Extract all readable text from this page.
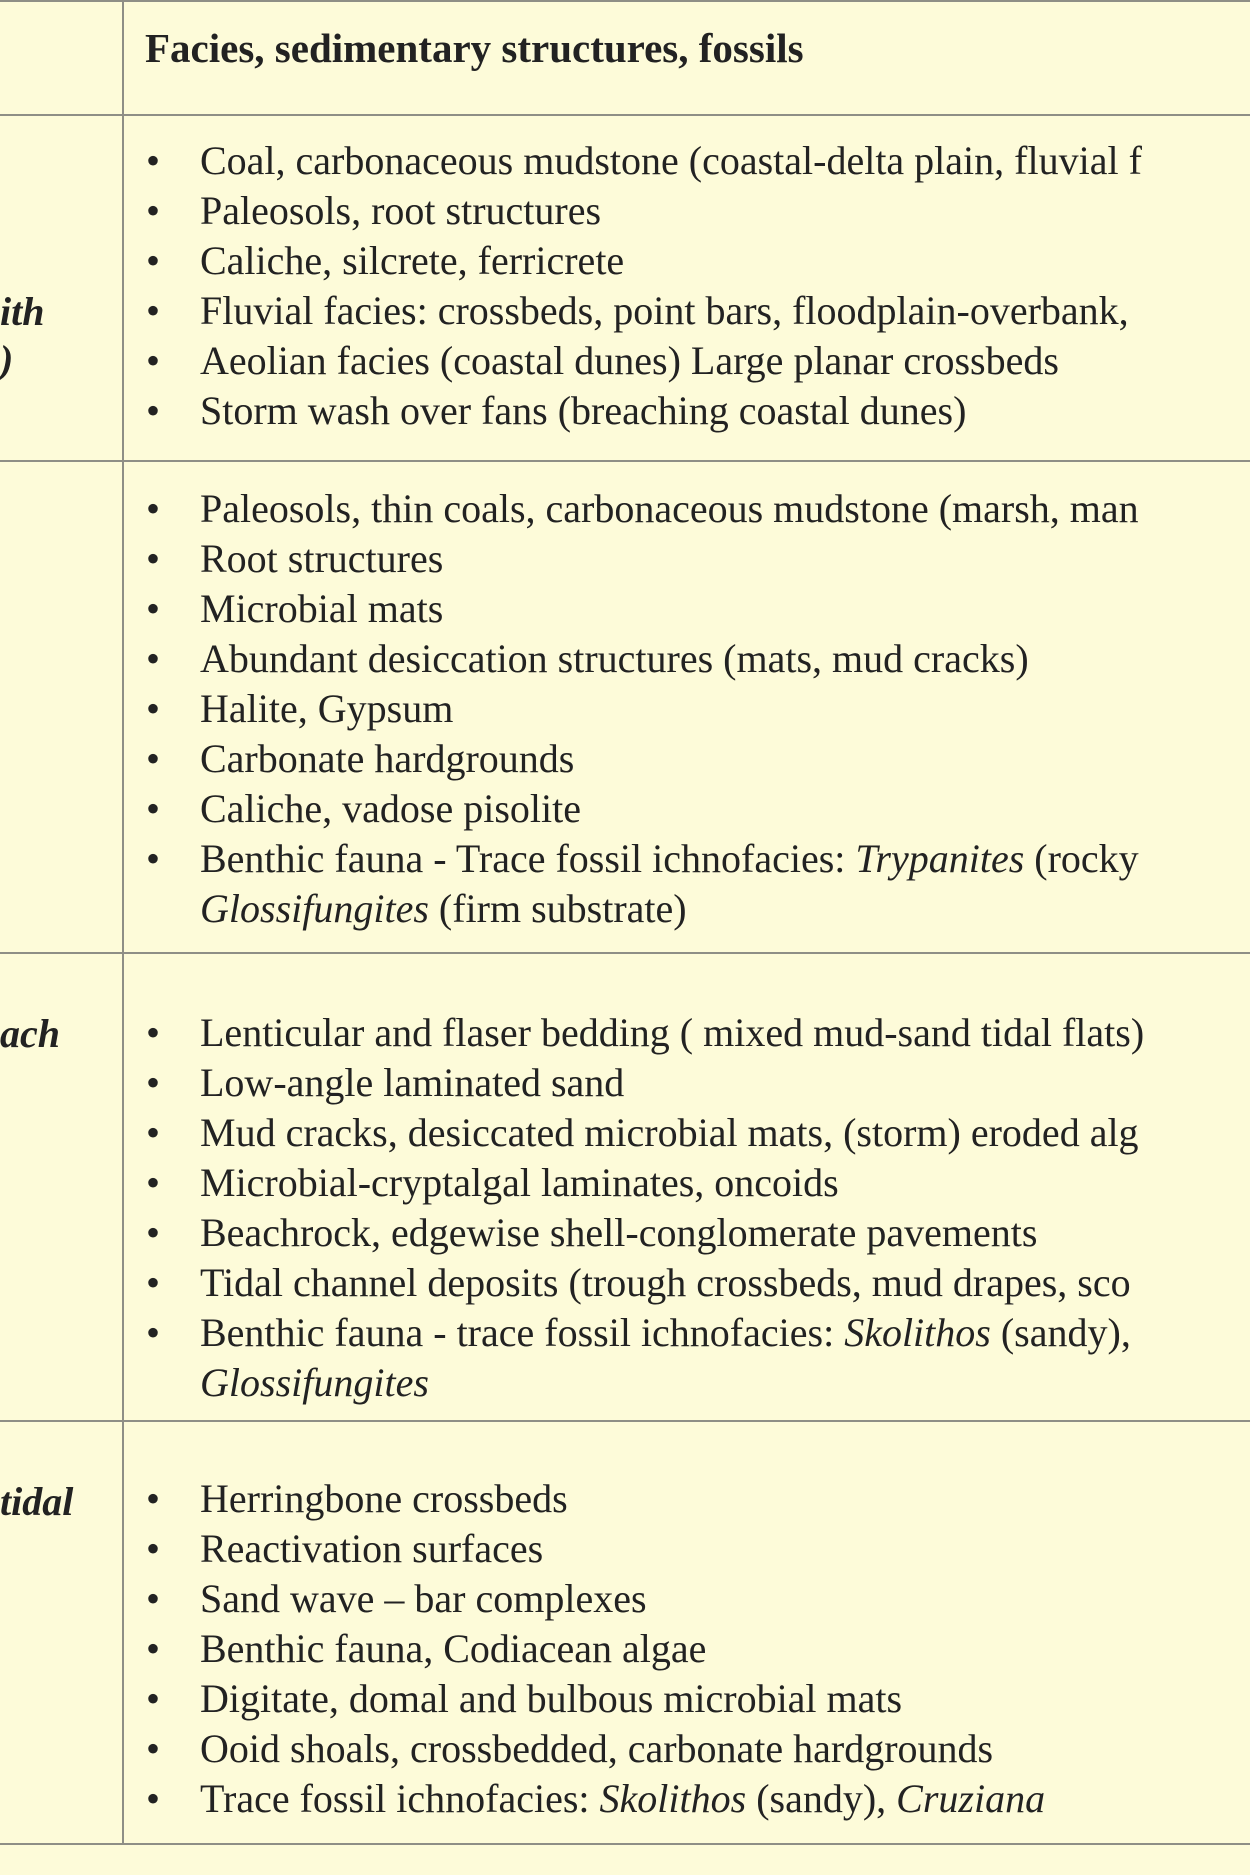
Facies, sedimentary structures, fossils
ith
)
ach
tidal
• Coal, carbonaceous mudstone (coastal-delta plain, fluvial f
• Paleosols, root structures
• Caliche, silcrete, ferricrete
• Fluvial facies: crossbeds, point bars, floodplain-overbank,
• Aeolian facies (coastal dunes) Large planar crossbeds
• Storm wash over fans (breaching coastal dunes)
• Paleosols, thin coals, carbonaceous mudstone (marsh, man
• Root structures
• Microbial mats
• Abundant desiccation structures (mats, mud cracks)
• Halite, Gypsum
• Carbonate hardgrounds
• Caliche, vadose pisolite
• Benthic fauna - Trace fossil ichnofacies: Trypanites (rocky
Glossifungites (firm substrate)
• Lenticular and flaser bedding ( mixed mud-sand tidal flats)
• Low-angle laminated sand
• Mud cracks, desiccated microbial mats, (storm) eroded alg
• Microbial-cryptalgal laminates, oncoids
• Beachrock, edgewise shell-conglomerate pavements
• Tidal channel deposits (trough crossbeds, mud drapes, sco
• Benthic fauna - trace fossil ichnofacies: Skolithos (sandy),
Glossifungites
• Herringbone crossbeds
• Reactivation surfaces
• Sand wave – bar complexes
• Benthic fauna, Codiacean algae
• Digitate, domal and bulbous microbial mats
• Ooid shoals, crossbedded, carbonate hardgrounds
• Trace fossil ichnofacies: Skolithos (sandy), Cruziana
